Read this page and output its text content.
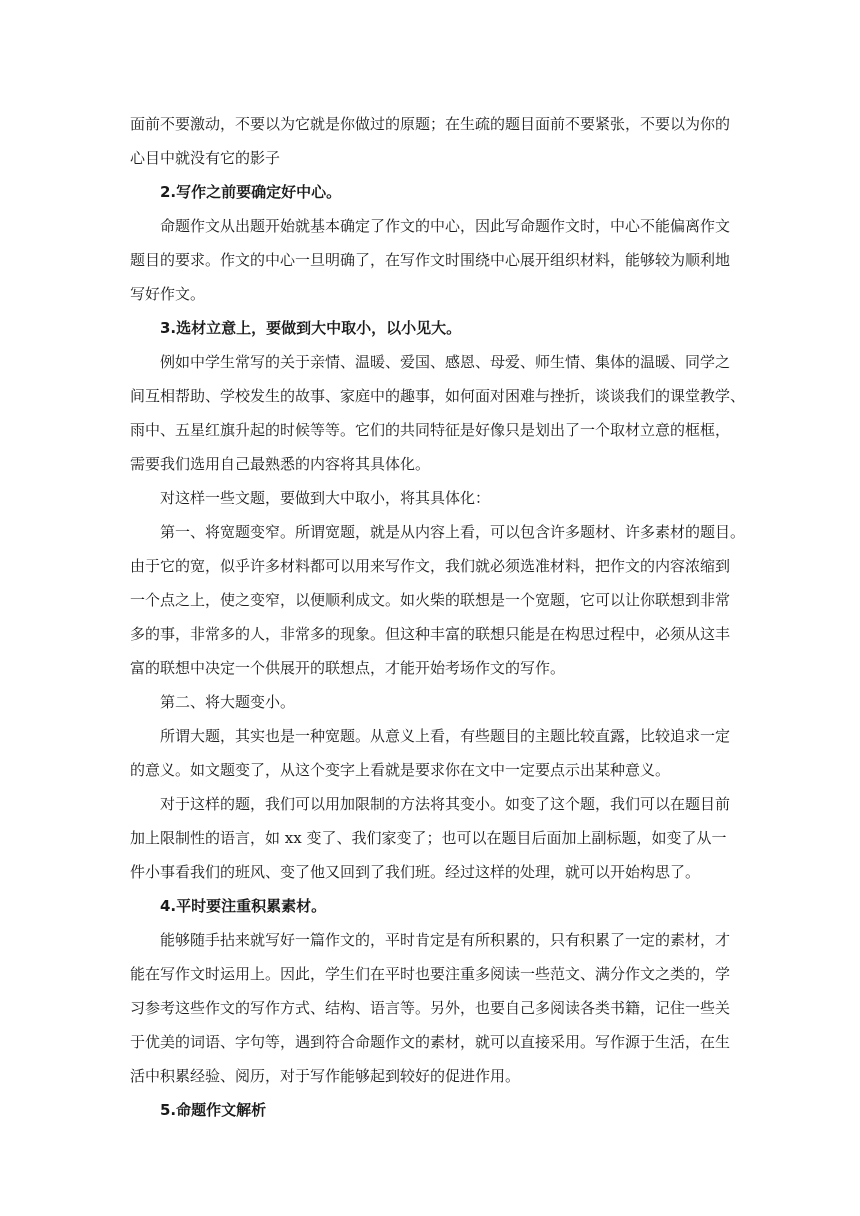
面前不要激动，不要以为它就是你做过的原题；在生疏的题目面前不要紧张，不要以为你的

心目中就没有它的影子

2.写作之前要确定好中心。

命题作文从出题开始就基本确定了作文的中心，因此写命题作文时，中心不能偏离作文

题目的要求。作文的中心一旦明确了，在写作文时围绕中心展开组织材料，能够较为顺利地

写好作文。

3.选材立意上，要做到大中取小，以小见大。

例如中学生常写的关于亲情、温暖、爱国、感恩、母爱、师生情、集体的温暖、同学之

间互相帮助、学校发生的故事、家庭中的趣事，如何面对困难与挫折，谈谈我们的课堂教学、

雨中、五星红旗升起的时候等等。它们的共同特征是好像只是划出了一个取材立意的框框，

需要我们选用自己最熟悉的内容将其具体化。

对这样一些文题，要做到大中取小，将其具体化：

第一、将宽题变窄。所谓宽题，就是从内容上看，可以包含许多题材、许多素材的题目。

由于它的宽，似乎许多材料都可以用来写作文，我们就必须选准材料，把作文的内容浓缩到

一个点之上，使之变窄，以便顺利成文。如火柴的联想是一个宽题，它可以让你联想到非常

多的事，非常多的人，非常多的现象。但这种丰富的联想只能是在构思过程中，必须从这丰

富的联想中决定一个供展开的联想点，才能开始考场作文的写作。

第二、将大题变小。

所谓大题，其实也是一种宽题。从意义上看，有些题目的主题比较直露，比较追求一定

的意义。如文题变了，从这个变字上看就是要求你在文中一定要点示出某种意义。

对于这样的题，我们可以用加限制的方法将其变小。如变了这个题，我们可以在题目前

加上限制性的语言，如 xx 变了、我们家变了；也可以在题目后面加上副标题，如变了从一

件小事看我们的班风、变了他又回到了我们班。经过这样的处理，就可以开始构思了。

4.平时要注重积累素材。

能够随手拈来就写好一篇作文的，平时肯定是有所积累的，只有积累了一定的素材，才

能在写作文时运用上。因此，学生们在平时也要注重多阅读一些范文、满分作文之类的，学

习参考这些作文的写作方式、结构、语言等。另外，也要自己多阅读各类书籍，记住一些关

于优美的词语、字句等，遇到符合命题作文的素材，就可以直接采用。写作源于生活，在生

活中积累经验、阅历，对于写作能够起到较好的促进作用。

5.命题作文解析
